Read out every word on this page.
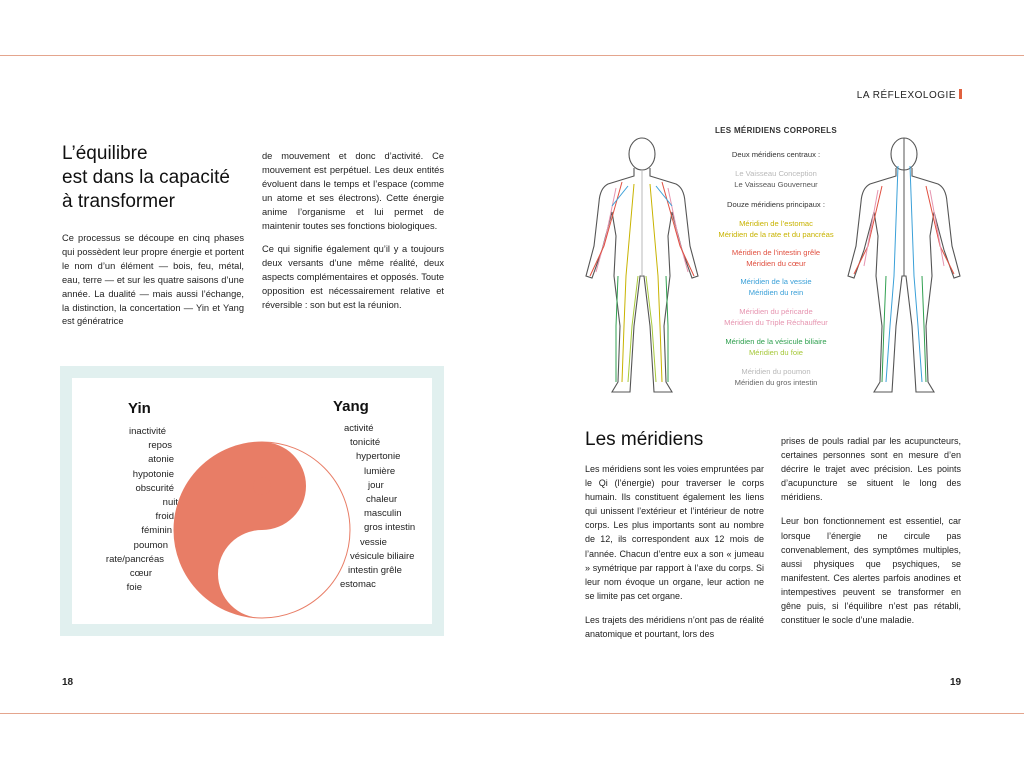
LA RÉFLEXOLOGIE
L’équilibre
est dans la capacité
à transformer

Ce processus se découpe en cinq phases qui possèdent leur propre énergie et portent le nom d’un élément — bois, feu, métal, eau, terre — et sur les quatre saisons d’une année. La dualité — mais aussi l’échange, la distinction, la concertation — Yin et Yang est génératrice

de mouvement et donc d’activité. Ce mouvement est perpétuel. Les deux entités évoluent dans le temps et l’espace (comme un atome et ses électrons). Cette énergie anime l’organisme et lui permet de maintenir toutes ses fonctions biologiques.

Ce qui signifie également qu’il y a toujours deux versants d’une même réalité, deux aspects complémentaires et opposés. Toute opposition est nécessairement relative et réversible : son but est la réunion.

Yin	Yang
inactivité
repos
atonie
hypotonie
obscurité
nuit
froid
féminin
poumon
rate/pancréas
cœur
foie
activité
tonicité
hypertonie
lumière
jour
chaleur
masculin
gros intestin
vessie
vésicule biliaire
intestin grêle
estomac
18
LES MÉRIDIENS CORPORELS
Deux méridiens centraux :
Le Vaisseau Conception
Le Vaisseau Gouverneur
Douze méridiens principaux :
Méridien de l’estomac
Méridien de la rate et du pancréas
Méridien de l’intestin grêle
Méridien du cœur
Méridien de la vessie
Méridien du rein
Méridien du péricarde
Méridien du Triple Réchauffeur
Méridien de la vésicule biliaire
Méridien du foie
Méridien du poumon
Méridien du gros intestin
Les méridiens

Les méridiens sont les voies empruntées par le Qi (l’énergie) pour traverser le corps humain. Ils constituent également les liens qui unissent l’extérieur et l’intérieur de notre corps. Les plus importants sont au nombre de 12, ils correspondent aux 12 mois de l’année. Chacun d’entre eux a son « jumeau » symétrique par rapport à l’axe du corps. Si leur nom évoque un organe, leur action ne se limite pas cet organe.

Les trajets des méridiens n’ont pas de réalité anatomique et pourtant, lors des

prises de pouls radial par les acupuncteurs, certaines personnes sont en mesure d’en décrire le trajet avec précision. Les points d’acupuncture se situent le long des méridiens.

Leur bon fonctionnement est essentiel, car lorsque l’énergie ne circule pas convenablement, des symptômes multiples, aussi physiques que psychiques, se manifestent. Ces alertes parfois anodines et intempestives peuvent se transformer en gêne puis, si l’équilibre n’est pas rétabli, constituer le socle d’une maladie.

19
